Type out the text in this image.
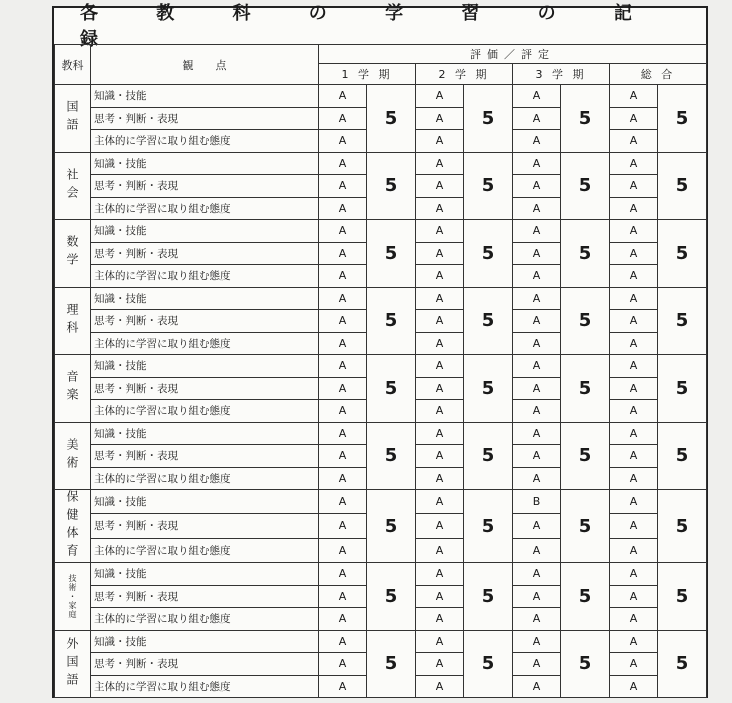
各 教 科 の 学 習 の 記 録
教科	観　　点	評価／評定							
		1 学 期		2 学 期		3 学 期		総 合	
国語	知識・技能	A	5	A	5	A	5	A	5
	思考・判断・表現	A		A		A		A	
	主体的に学習に取り組む態度	A		A		A		A	
社会	知識・技能	A	5	A	5	A	5	A	5
	思考・判断・表現	A		A		A		A	
	主体的に学習に取り組む態度	A		A		A		A	
数学	知識・技能	A	5	A	5	A	5	A	5
	思考・判断・表現	A		A		A		A	
	主体的に学習に取り組む態度	A		A		A		A	
理科	知識・技能	A	5	A	5	A	5	A	5
	思考・判断・表現	A		A		A		A	
	主体的に学習に取り組む態度	A		A		A		A	
音楽	知識・技能	A	5	A	5	A	5	A	5
	思考・判断・表現	A		A		A		A	
	主体的に学習に取り組む態度	A		A		A		A	
美術	知識・技能	A	5	A	5	A	5	A	5
	思考・判断・表現	A		A		A		A	
	主体的に学習に取り組む態度	A		A		A		A	
保健体育	知識・技能	A	5	A	5	B	5	A	5
	思考・判断・表現	A		A		A		A	
	主体的に学習に取り組む態度	A		A		A		A	
技術・家庭	知識・技能	A	5	A	5	A	5	A	5
	思考・判断・表現	A		A		A		A	
	主体的に学習に取り組む態度	A		A		A		A	
外国語	知識・技能	A	5	A	5	A	5	A	5
	思考・判断・表現	A		A		A		A	
	主体的に学習に取り組む態度	A		A		A		A	
